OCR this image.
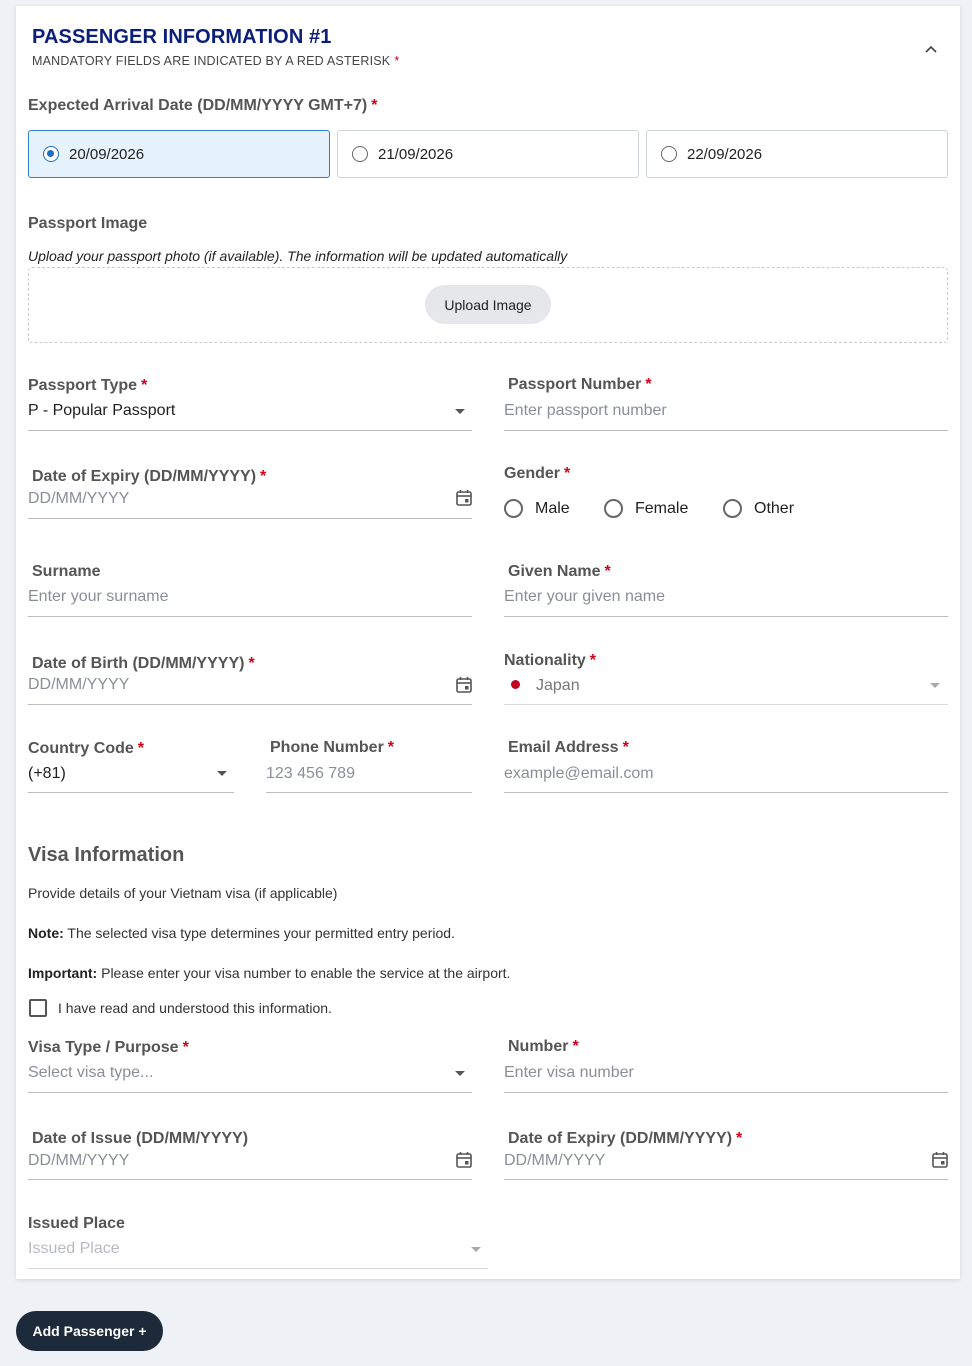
PASSENGER INFORMATION #1
MANDATORY FIELDS ARE INDICATED BY A RED ASTERISK *
Expected Arrival Date (DD/MM/YYYY GMT+7) *
20/09/2026	21/09/2026	22/09/2026
Passport Image
Upload your passport photo (if available). The information will be updated automatically
Upload Image
Passport Type *
P - Popular Passport
Passport Number *
Enter passport number
Date of Expiry (DD/MM/YYYY) *
DD/MM/YYYY
Gender *
Male	Female	Other
Surname
Enter your surname
Given Name *
Enter your given name
Date of Birth (DD/MM/YYYY) *
DD/MM/YYYY
Nationality *
Japan
Country Code *
(+81)
Phone Number *
123 456 789
Email Address *
example@email.com
Visa Information
Provide details of your Vietnam visa (if applicable)
Note: The selected visa type determines your permitted entry period.
Important: Please enter your visa number to enable the service at the airport.
I have read and understood this information.
Visa Type / Purpose *
Select visa type...
Number *
Enter visa number
Date of Issue (DD/MM/YYYY)
DD/MM/YYYY
Date of Expiry (DD/MM/YYYY) *
DD/MM/YYYY
Issued Place
Issued Place
Add Passenger +
